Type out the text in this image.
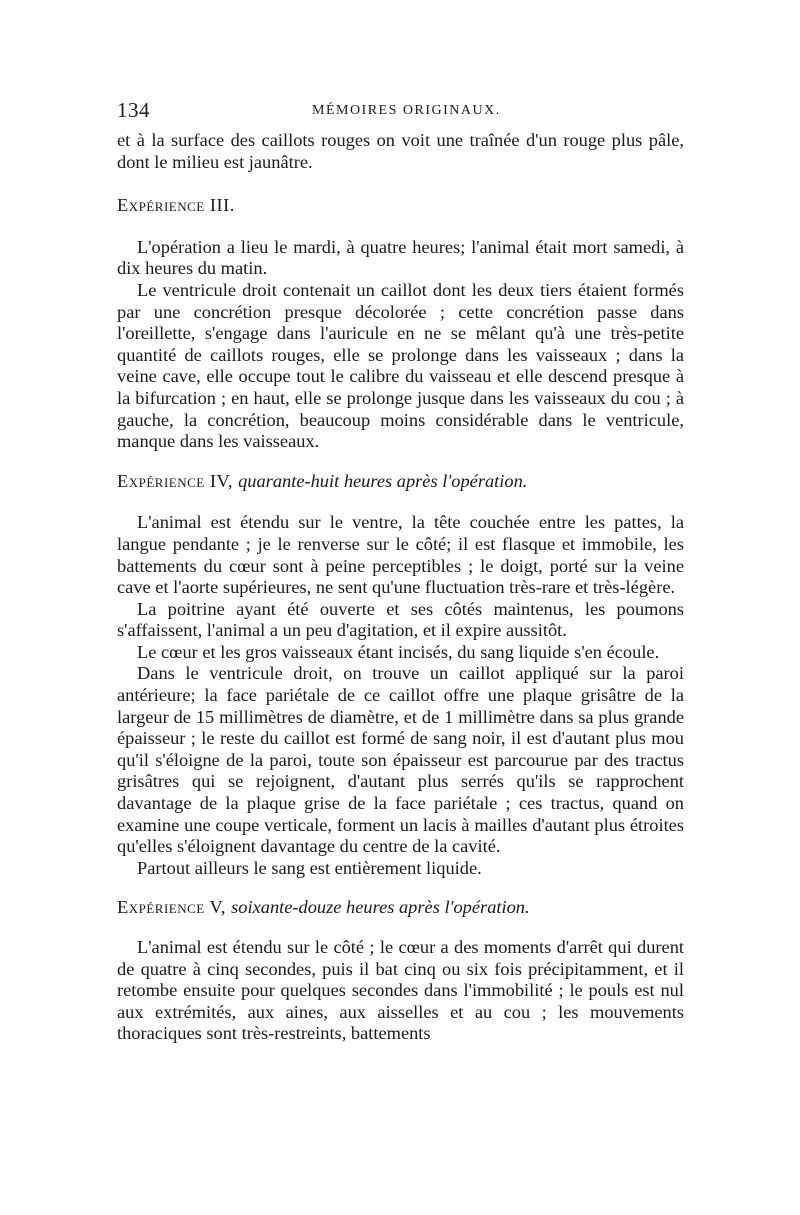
134	MÉMOIRES ORIGINAUX.

et à la surface des caillots rouges on voit une traînée d'un rouge plus pâle, dont le milieu est jaunâtre.

Expérience III.

L'opération a lieu le mardi, à quatre heures; l'animal était mort samedi, à dix heures du matin.

Le ventricule droit contenait un caillot dont les deux tiers étaient formés par une concrétion presque décolorée ; cette concrétion passe dans l'oreillette, s'engage dans l'auricule en ne se mêlant qu'à une très-petite quantité de caillots rouges, elle se prolonge dans les vaisseaux ; dans la veine cave, elle occupe tout le calibre du vaisseau et elle descend presque à la bifurcation ; en haut, elle se prolonge jusque dans les vaisseaux du cou ; à gauche, la concrétion, beaucoup moins considérable dans le ventricule, manque dans les vaisseaux.

Expérience IV, quarante-huit heures après l'opération.

L'animal est étendu sur le ventre, la tête couchée entre les pattes, la langue pendante ; je le renverse sur le côté; il est flasque et immobile, les battements du cœur sont à peine perceptibles ; le doigt, porté sur la veine cave et l'aorte supérieures, ne sent qu'une fluctuation très-rare et très-légère.

La poitrine ayant été ouverte et ses côtés maintenus, les poumons s'affaissent, l'animal a un peu d'agitation, et il expire aussitôt.

Le cœur et les gros vaisseaux étant incisés, du sang liquide s'en écoule.

Dans le ventricule droit, on trouve un caillot appliqué sur la paroi antérieure; la face pariétale de ce caillot offre une plaque grisâtre de la largeur de 15 millimètres de diamètre, et de 1 millimètre dans sa plus grande épaisseur ; le reste du caillot est formé de sang noir, il est d'autant plus mou qu'il s'éloigne de la paroi, toute son épaisseur est parcourue par des tractus grisâtres qui se rejoignent, d'autant plus serrés qu'ils se rapprochent davantage de la plaque grise de la face pariétale ; ces tractus, quand on examine une coupe verticale, forment un lacis à mailles d'autant plus étroites qu'elles s'éloignent davantage du centre de la cavité.

Partout ailleurs le sang est entièrement liquide.

Expérience V, soixante-douze heures après l'opération.

L'animal est étendu sur le côté ; le cœur a des moments d'arrêt qui durent de quatre à cinq secondes, puis il bat cinq ou six fois précipitamment, et il retombe ensuite pour quelques secondes dans l'immobilité ; le pouls est nul aux extrémités, aux aines, aux aisselles et au cou ; les mouvements thoraciques sont très-restreints, battements
